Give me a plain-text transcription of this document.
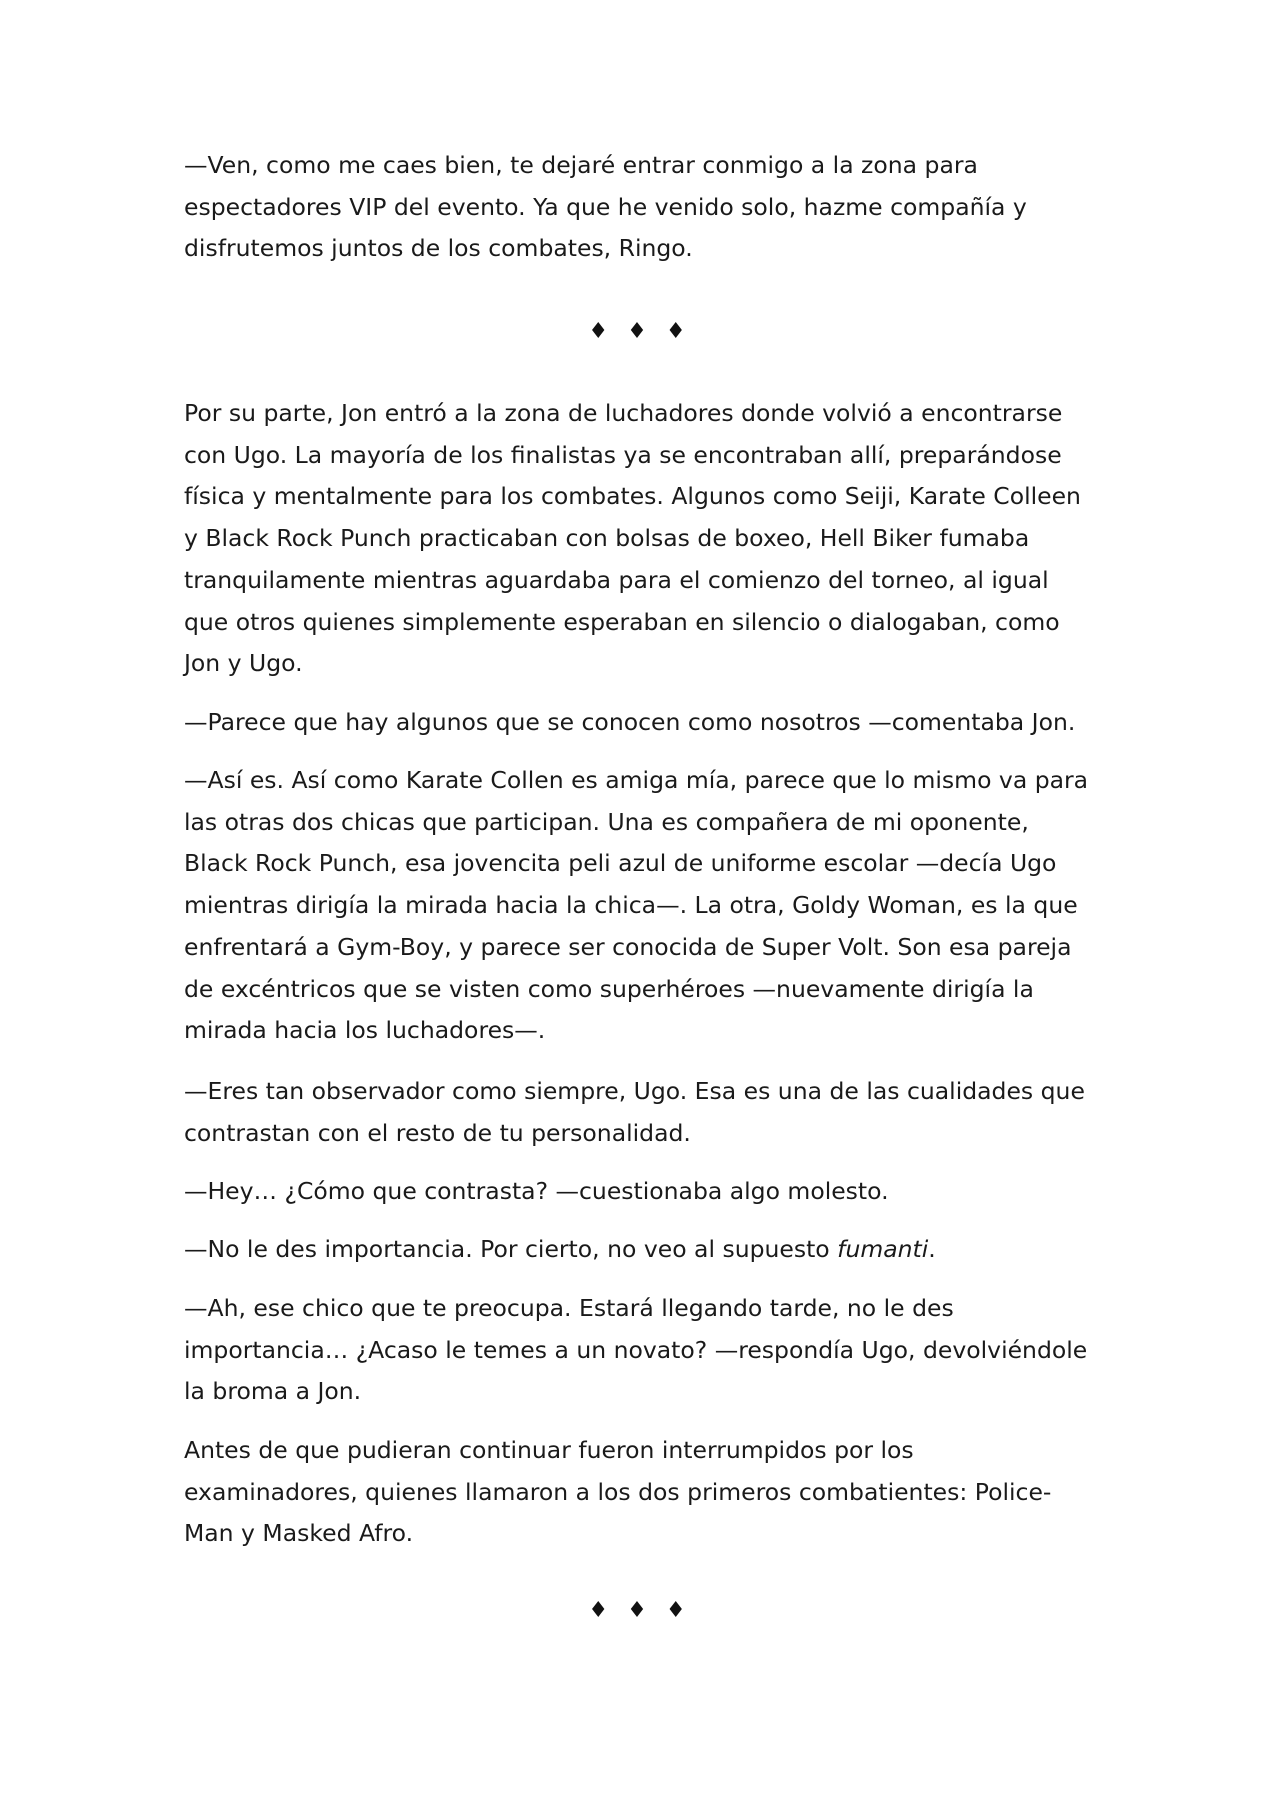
—Ven, como me caes bien, te dejaré entrar conmigo a la zona para
espectadores VIP del evento. Ya que he venido solo, hazme compañía y
disfrutemos juntos de los combates, Ringo.

♦ ♦ ♦

Por su parte, Jon entró a la zona de luchadores donde volvió a encontrarse
con Ugo. La mayoría de los finalistas ya se encontraban allí, preparándose
física y mentalmente para los combates. Algunos como Seiji, Karate Colleen
y Black Rock Punch practicaban con bolsas de boxeo, Hell Biker fumaba
tranquilamente mientras aguardaba para el comienzo del torneo, al igual
que otros quienes simplemente esperaban en silencio o dialogaban, como
Jon y Ugo.

—Parece que hay algunos que se conocen como nosotros —comentaba Jon.

—Así es. Así como Karate Collen es amiga mía, parece que lo mismo va para
las otras dos chicas que participan. Una es compañera de mi oponente,
Black Rock Punch, esa jovencita peli azul de uniforme escolar —decía Ugo
mientras dirigía la mirada hacia la chica—. La otra, Goldy Woman, es la que
enfrentará a Gym-Boy, y parece ser conocida de Super Volt. Son esa pareja
de excéntricos que se visten como superhéroes —nuevamente dirigía la
mirada hacia los luchadores—.

—Eres tan observador como siempre, Ugo. Esa es una de las cualidades que
contrastan con el resto de tu personalidad.

—Hey… ¿Cómo que contrasta? —cuestionaba algo molesto.

—No le des importancia. Por cierto, no veo al supuesto fumanti.

—Ah, ese chico que te preocupa. Estará llegando tarde, no le des
importancia… ¿Acaso le temes a un novato? —respondía Ugo, devolviéndole
la broma a Jon.

Antes de que pudieran continuar fueron interrumpidos por los
examinadores, quienes llamaron a los dos primeros combatientes: Police-
Man y Masked Afro.

♦ ♦ ♦
